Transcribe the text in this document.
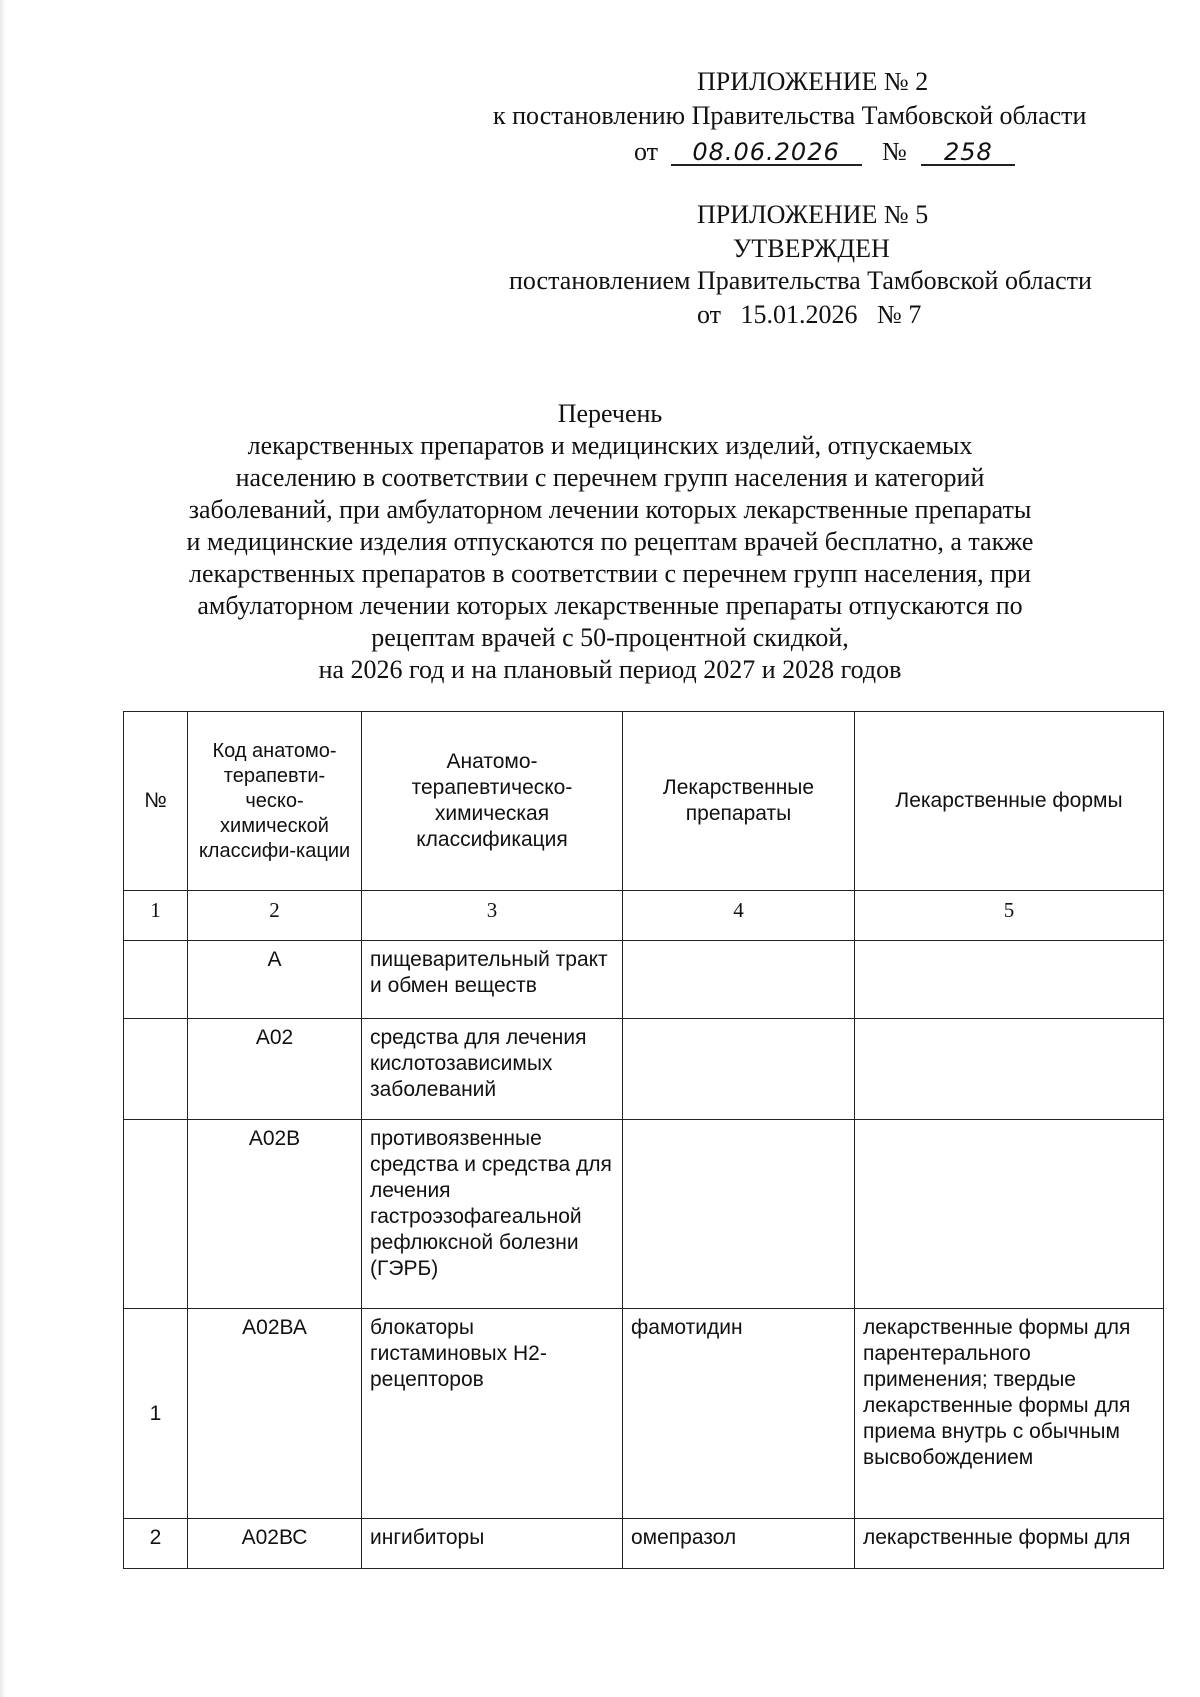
ПРИЛОЖЕНИЕ № 2
к постановлению Правительства Тамбовской области
от 08.06.2026 № 258
ПРИЛОЖЕНИЕ № 5
УТВЕРЖДЕН
постановлением Правительства Тамбовской области
от   15.01.2026   № 7
Перечень
лекарственных препаратов и медицинских изделий, отпускаемых
населению в соответствии с перечнем групп населения и категорий
заболеваний, при амбулаторном лечении которых лекарственные препараты
и медицинские изделия отпускаются по рецептам врачей бесплатно, а также
лекарственных препаратов в соответствии с перечнем групп населения, при
амбулаторном лечении которых лекарственные препараты отпускаются по
рецептам врачей с 50-процентной скидкой,
на 2026 год и на плановый период 2027 и 2028 годов
№	Код анатомо-терапевти-ческо-химической классифи-кации	Анатомо-терапевтическо-химическая классификация	Лекарственные препараты	Лекарственные формы
1	2	3	4	5
	А	пищеварительный тракт и обмен веществ		
	А02	средства для лечения кислотозависимых заболеваний		
	А02В	противоязвенные средства и средства для лечения гастроэзофагеальной рефлюксной болезни (ГЭРБ)		
1	А02ВА	блокаторы гистаминовых Н2-рецепторов	фамотидин	лекарственные формы для парентерального применения; твердые лекарственные формы для приема внутрь с обычным высвобождением
2	А02ВС	ингибиторы	омепразол	лекарственные формы для
